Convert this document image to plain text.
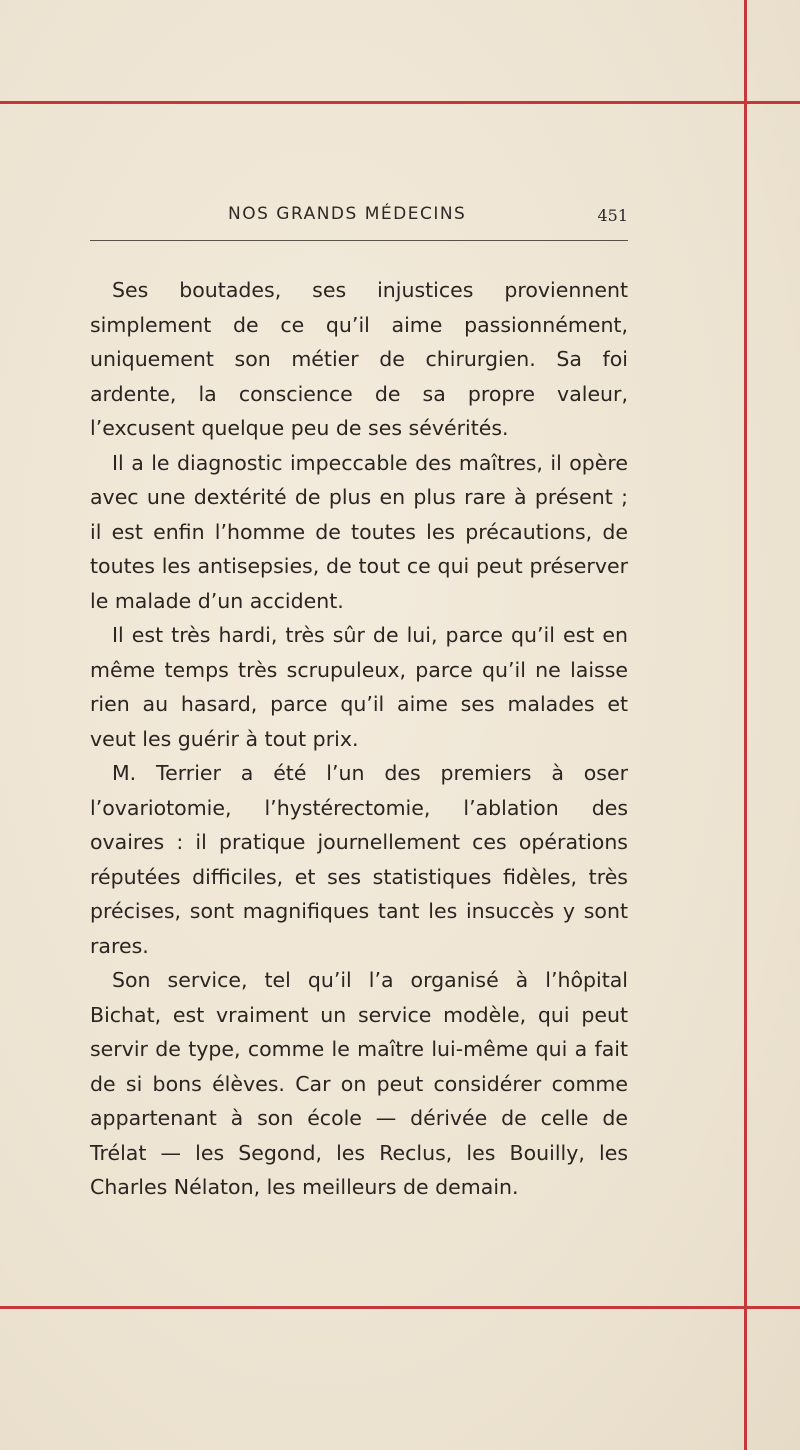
NOS GRANDS MÉDECINS	451

Ses boutades, ses injustices proviennent simplement de ce qu’il aime passionnément, uniquement son métier de chirurgien. Sa foi ardente, la conscience de sa propre valeur, l’excusent quelque peu de ses sévérités.

Il a le diagnostic impeccable des maîtres, il opère avec une dextérité de plus en plus rare à présent ; il est enfin l’homme de toutes les précautions, de toutes les antisepsies, de tout ce qui peut préserver le malade d’un accident.

Il est très hardi, très sûr de lui, parce qu’il est en même temps très scrupuleux, parce qu’il ne laisse rien au hasard, parce qu’il aime ses malades et veut les guérir à tout prix.

M. Terrier a été l’un des premiers à oser l’ovariotomie, l’hystérectomie, l’ablation des ovaires : il pratique journellement ces opérations réputées difficiles, et ses statistiques fidèles, très précises, sont magnifiques tant les insuccès y sont rares.

Son service, tel qu’il l’a organisé à l’hôpital Bichat, est vraiment un service modèle, qui peut servir de type, comme le maître lui-même qui a fait de si bons élèves. Car on peut considérer comme appartenant à son école — dérivée de celle de Trélat — les Segond, les Reclus, les Bouilly, les Charles Nélaton, les meilleurs de demain.
